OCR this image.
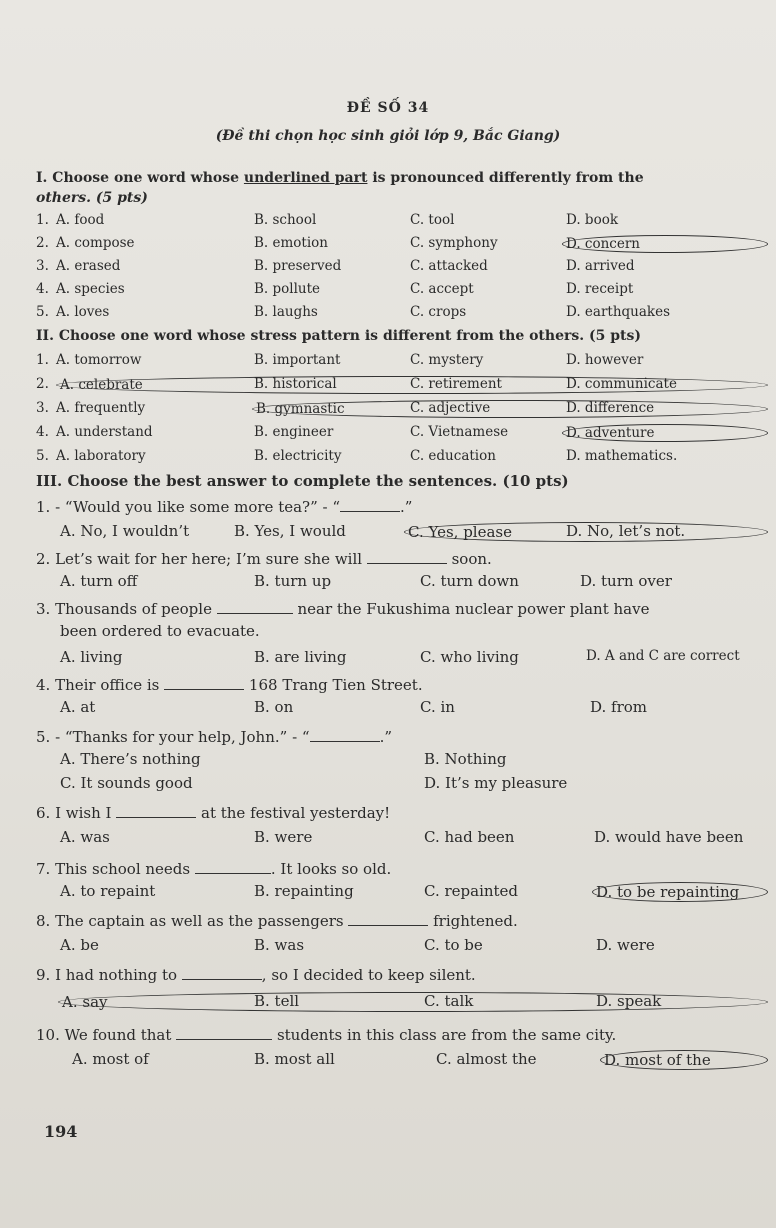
ĐỀ SỐ 34
(Đề thi chọn học sinh giỏi lớp 9, Bắc Giang)
I. Choose one word whose underlined part is pronounced differently from the
others. (5 pts)
1. A. food	B. school	C. tool	D. book
2. A. compose	B. emotion	C. symphony	D. concern
3. A. erased	B. preserved	C. attacked	D. arrived
4. A. species	B. pollute	C. accept	D. receipt
5. A. loves	B. laughs	C. crops	D. earthquakes
II. Choose one word whose stress pattern is different from the others. (5 pts)
1. A. tomorrow	B. important	C. mystery	D. however
2. A. celebrate	B. historical	C. retirement	D. communicate
3. A. frequently	B. gymnastic	C. adjective	D. difference
4. A. understand	B. engineer	C. Vietnamese	D. adventure
5. A. laboratory	B. electricity	C. education	D. mathematics.
III. Choose the best answer to complete the sentences. (10 pts)
1. - “Would you like some more tea?” - “	.”
A. No, I wouldn’t	B. Yes, I would	C. Yes, please	D. No, let’s not.
2. Let’s wait for her here; I’m sure she will	soon.
A. turn off	B. turn up	C. turn down	D. turn over
3. Thousands of people	near the Fukushima nuclear power plant have
been ordered to evacuate.
A. living	B. are living	C. who living	D. A and C are correct
4. Their office is	168 Trang Tien Street.
A. at	B. on	C. in	D. from
5. - “Thanks for your help, John.” - “	.”
A. There’s nothing	B. Nothing
C. It sounds good	D. It’s my pleasure
6. I wish I	at the festival yesterday!
A. was	B. were	C. had been	D. would have been
7. This school needs	. It looks so old.
A. to repaint	B. repainting	C. repainted	D. to be repainting
8. The captain as well as the passengers	frightened.
A. be	B. was	C. to be	D. were
9. I had nothing to	, so I decided to keep silent.
A. say	B. tell	C. talk	D. speak
10. We found that	students in this class are from the same city.
A. most of	B. most all	C. almost the	D. most of the
194
